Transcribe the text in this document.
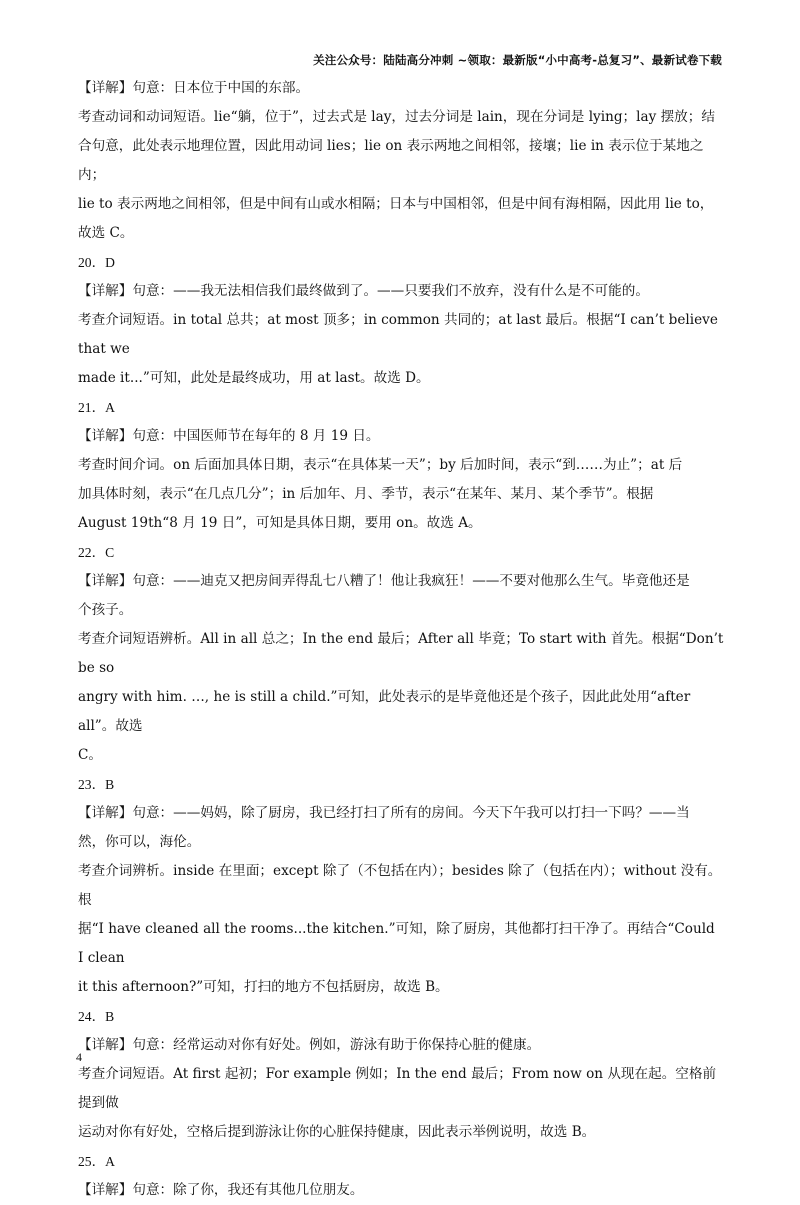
关注公众号：陆陆高分冲刺 ~领取：最新版“小中高考-总复习”、最新试卷下载

【详解】句意：日本位于中国的东部。

考查动词和动词短语。lie“躺，位于”，过去式是 lay，过去分词是 lain，现在分词是 lying；lay 摆放；结

合句意，此处表示地理位置，因此用动词 lies；lie on 表示两地之间相邻，接壤；lie in 表示位于某地之内；

lie to 表示两地之间相邻，但是中间有山或水相隔；日本与中国相邻，但是中间有海相隔，因此用 lie to，

故选 C。

20．D

【详解】句意：——我无法相信我们最终做到了。——只要我们不放弃，没有什么是不可能的。

考查介词短语。in total 总共；at most 顶多；in common 共同的；at last 最后。根据“I can’t believe that we

made it...”可知，此处是最终成功，用 at last。故选 D。

21．A

【详解】句意：中国医师节在每年的 8 月 19 日。

考查时间介词。on 后面加具体日期，表示“在具体某一天”；by 后加时间，表示“到……为止”；at 后

加具体时刻，表示“在几点几分”；in 后加年、月、季节，表示“在某年、某月、某个季节”。根据

August 19th“8 月 19 日”，可知是具体日期，要用 on。故选 A。

22．C

【详解】句意：——迪克又把房间弄得乱七八糟了！他让我疯狂！——不要对他那么生气。毕竟他还是

个孩子。

考查介词短语辨析。All in all 总之；In the end 最后；After all 毕竟；To start with 首先。根据“Don’t be so

angry with him. …, he is still a child.”可知，此处表示的是毕竟他还是个孩子，因此此处用“after all”。故选

C。

23．B

【详解】句意：——妈妈，除了厨房，我已经打扫了所有的房间。今天下午我可以打扫一下吗？——当

然，你可以，海伦。

考查介词辨析。inside 在里面；except 除了（不包括在内）；besides 除了（包括在内）；without 没有。根

据“I have cleaned all the rooms...the kitchen.”可知，除了厨房，其他都打扫干净了。再结合“Could I clean

it this afternoon?”可知，打扫的地方不包括厨房，故选 B。

24．B

【详解】句意：经常运动对你有好处。例如，游泳有助于你保持心脏的健康。

考查介词短语。At first 起初；For example 例如；In the end 最后；From now on 从现在起。空格前提到做

运动对你有好处，空格后提到游泳让你的心脏保持健康，因此表示举例说明，故选 B。

25．A

【详解】句意：除了你，我还有其他几位朋友。

4
